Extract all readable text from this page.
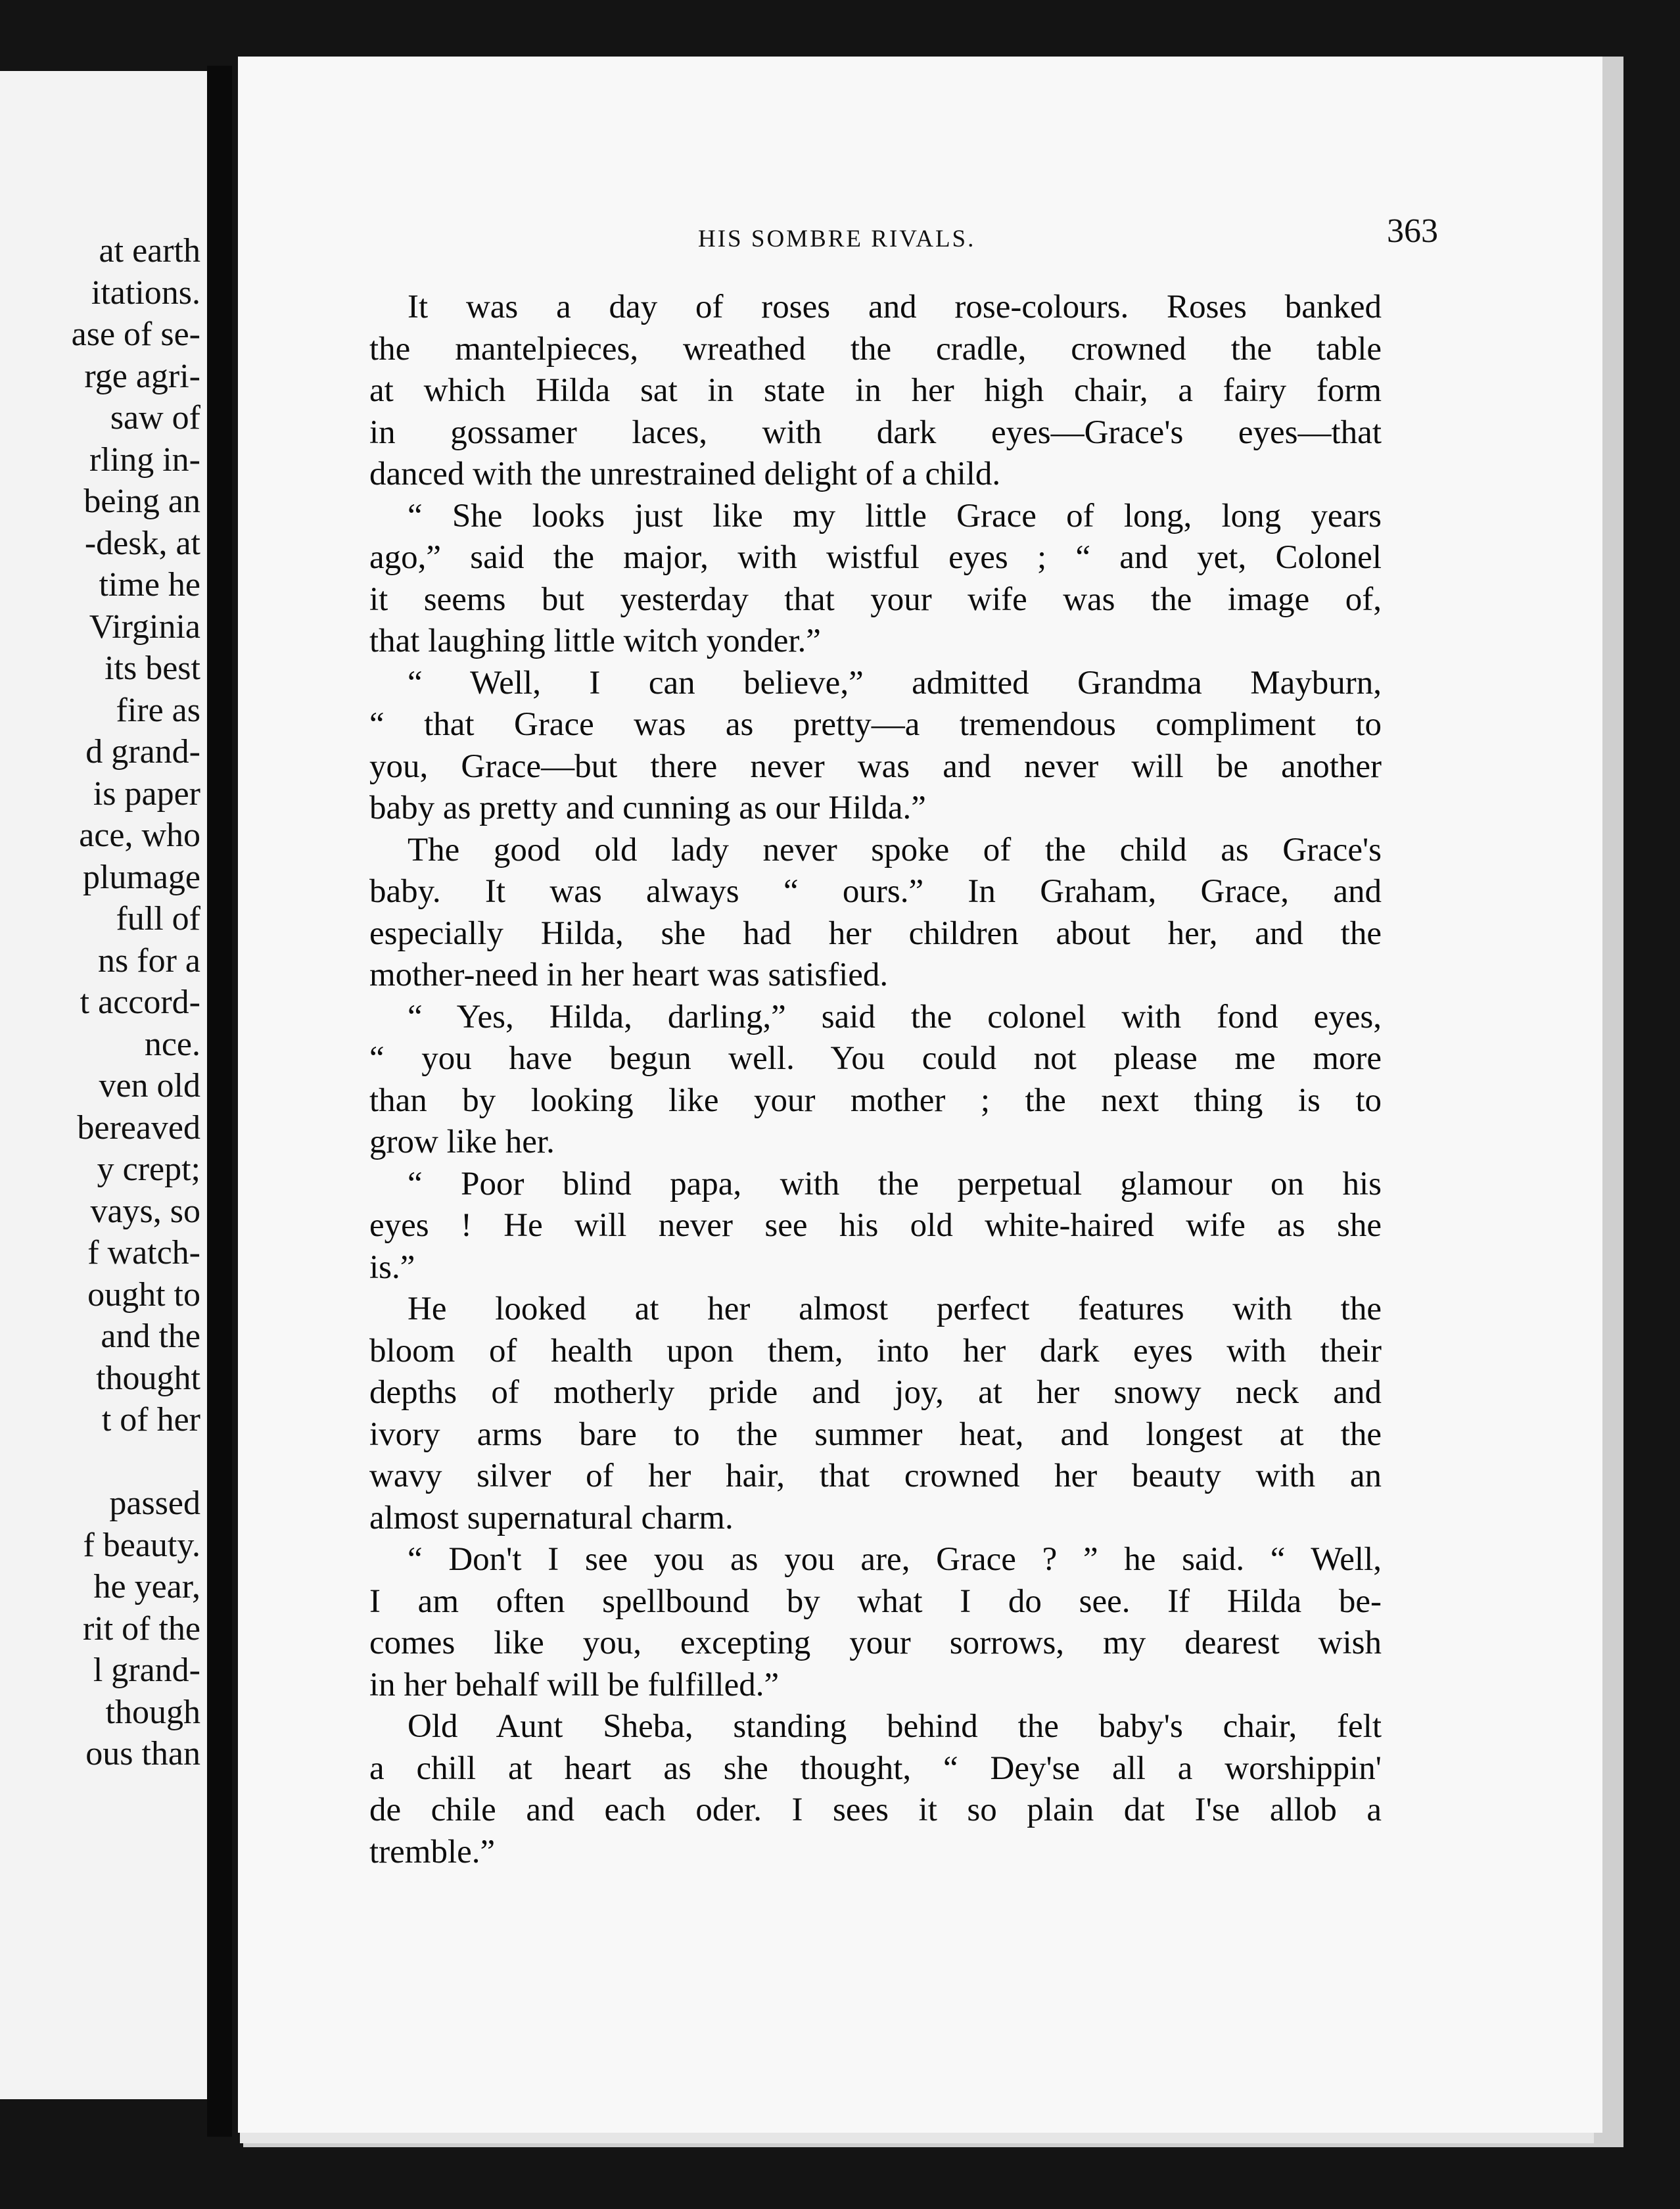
at earth
itations.
ase of se-
rge agri-
saw of
rling in-
being an
-desk, at
time he
Virginia
its best
fire as
d grand-
is paper
ace, who
plumage
full of
ns for a
t accord-
nce.
ven old
bereaved
y crept;
vays, so
f watch-
ought to
and the
thought
t of her
passed
f beauty.
he year,
rit of the
l grand-
though
ous than
HIS SOMBRE RIVALS.	363
It was a day of roses and rose-colours. Roses banked
the mantelpieces, wreathed the cradle, crowned the table
at which Hilda sat in state in her high chair, a fairy form
in gossamer laces, with dark eyes—Grace's eyes—that
danced with the unrestrained delight of a child.
“ She looks just like my little Grace of long, long years
ago,” said the major, with wistful eyes ; “ and yet, Colonel
it seems but yesterday that your wife was the image of,
that laughing little witch yonder.”
“ Well, I can believe,” admitted Grandma Mayburn,
“ that Grace was as pretty—a tremendous compliment to
you, Grace—but there never was and never will be another
baby as pretty and cunning as our Hilda.”
The good old lady never spoke of the child as Grace's
baby. It was always “ ours.” In Graham, Grace, and
especially Hilda, she had her children about her, and the
mother-need in her heart was satisfied.
“ Yes, Hilda, darling,” said the colonel with fond eyes,
“ you have begun well. You could not please me more
than by looking like your mother ; the next thing is to
grow like her.
“ Poor blind papa, with the perpetual glamour on his
eyes ! He will never see his old white-haired wife as she
is.”
He looked at her almost perfect features with the
bloom of health upon them, into her dark eyes with their
depths of motherly pride and joy, at her snowy neck and
ivory arms bare to the summer heat, and longest at the
wavy silver of her hair, that crowned her beauty with an
almost supernatural charm.
“ Don't I see you as you are, Grace ? ” he said. “ Well,
I am often spellbound by what I do see. If Hilda be-
comes like you, excepting your sorrows, my dearest wish
in her behalf will be fulfilled.”
Old Aunt Sheba, standing behind the baby's chair, felt
a chill at heart as she thought, “ Dey'se all a worshippin'
de chile and each oder. I sees it so plain dat I'se allob a
tremble.”
